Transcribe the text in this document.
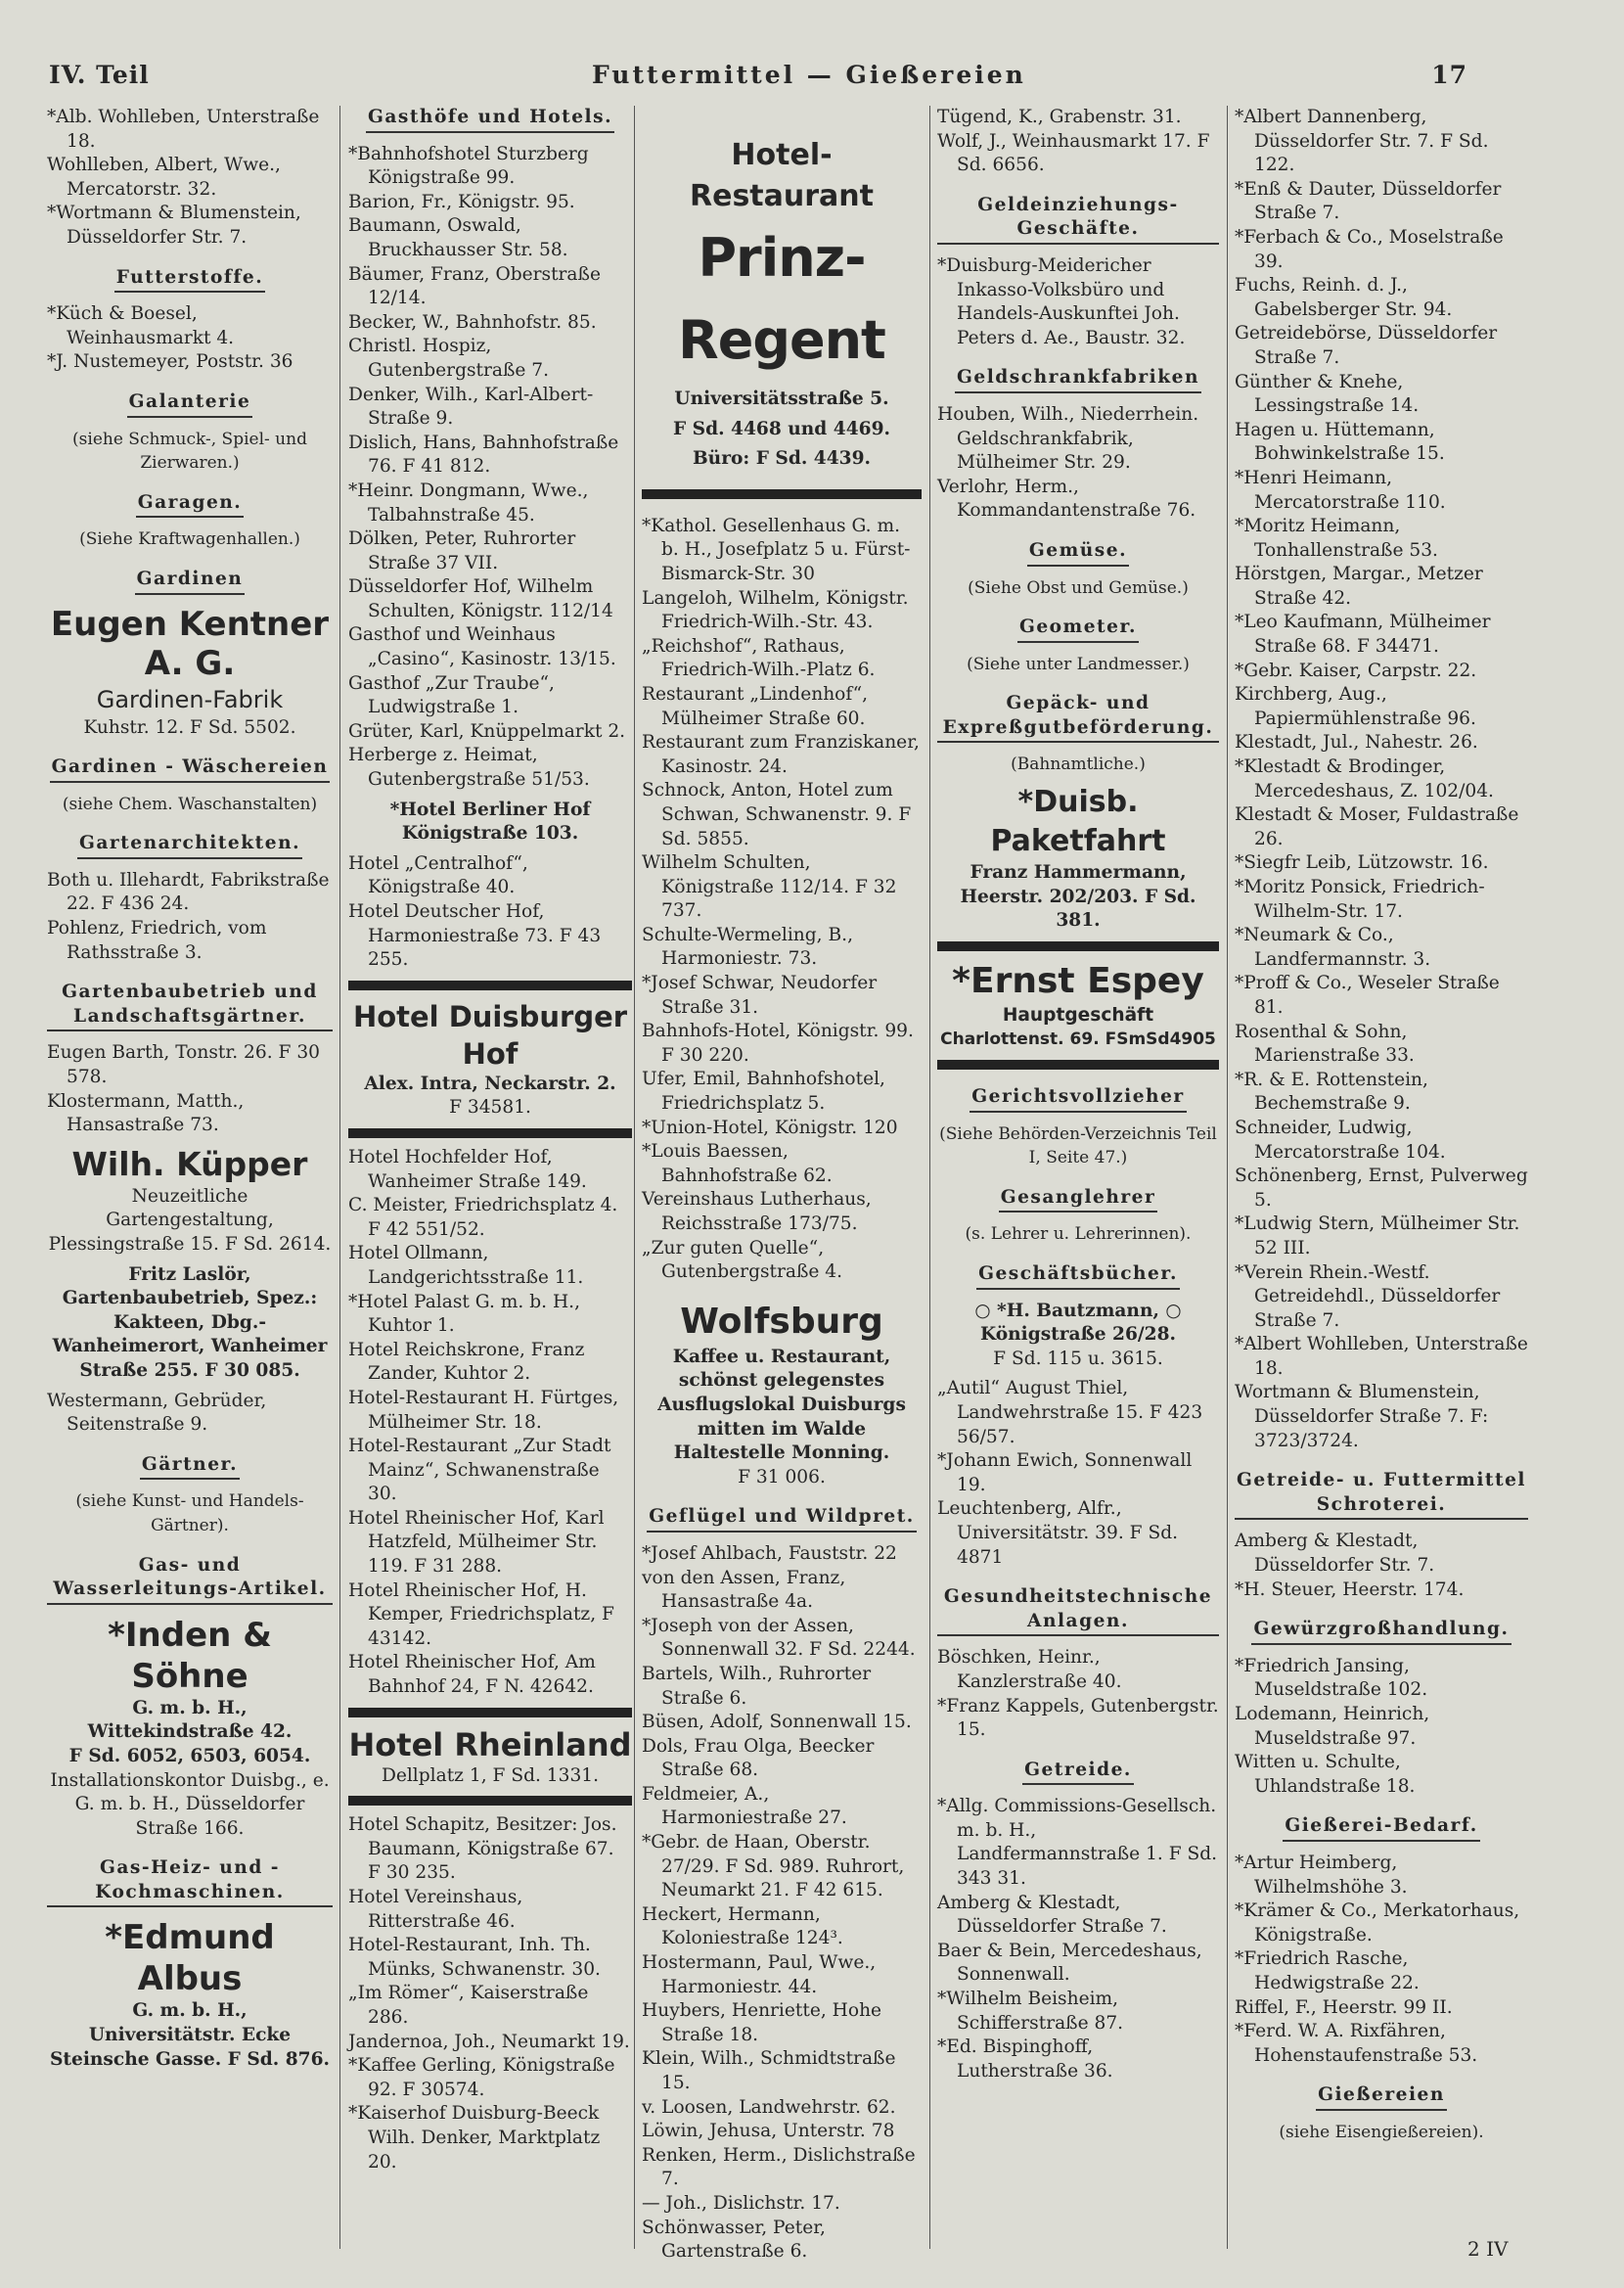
IV. Teil	Futtermittel — Gießereien	17

*Alb. Wohlleben, Unterstraße 18.

Wohlleben, Albert, Wwe., Mercatorstr. 32.

*Wortmann & Blumenstein, Düsseldorfer Str. 7.

Futterstoffe.

*Küch & Boesel, Weinhausmarkt 4.

*J. Nustemeyer, Poststr. 36

Galanterie
(siehe Schmuck-, Spiel- und Zierwaren.)
Garagen.
(Siehe Kraftwagenhallen.)
Gardinen
Eugen Kentner
A. G.
Gardinen-Fabrik
Kuhstr. 12. F Sd. 5502.
Gardinen - Wäschereien
(siehe Chem. Waschanstalten)
Gartenarchitekten.

Both u. Illehardt, Fabrikstraße 22. F 436 24.

Pohlenz, Friedrich, vom Rathsstraße 3.

Gartenbaubetrieb und Landschaftsgärtner.

Eugen Barth, Tonstr. 26. F 30 578.

Klostermann, Matth., Hansastraße 73.

Wilh. Küpper
Neuzeitliche Gartengestaltung, Plessingstraße 15. F Sd. 2614.
Fritz Laslör, Gartenbaubetrieb, Spez.: Kakteen, Dbg.-Wanheimerort, Wanheimer Straße 255. F 30 085.

Westermann, Gebrüder, Seitenstraße 9.

Gärtner.
(siehe Kunst- und Handels-Gärtner).
Gas- und Wasserleitungs-Artikel.
*Inden & Söhne
G. m. b. H.,
Wittekindstraße 42.
F Sd. 6052, 6503, 6054.
Installationskontor Duisbg., e. G. m. b. H., Düsseldorfer Straße 166.
Gas-Heiz- und -Kochmaschinen.
*Edmund Albus
G. m. b. H.,
Universitätstr. Ecke Steinsche Gasse. F Sd. 876.
Gasthöfe und Hotels.

*Bahnhofshotel Sturzberg Königstraße 99.

Barion, Fr., Königstr. 95.

Baumann, Oswald, Bruckhausser Str. 58.

Bäumer, Franz, Oberstraße 12/14.

Becker, W., Bahnhofstr. 85.

Christl. Hospiz, Gutenbergstraße 7.

Denker, Wilh., Karl-Albert-Straße 9.

Dislich, Hans, Bahnhofstraße 76. F 41 812.

*Heinr. Dongmann, Wwe., Talbahnstraße 45.

Dölken, Peter, Ruhrorter Straße 37 VII.

Düsseldorfer Hof, Wilhelm Schulten, Königstr. 112/14

Gasthof und Weinhaus „Casino“, Kasinostr. 13/15.

Gasthof „Zur Traube“, Ludwigstraße 1.

Grüter, Karl, Knüppelmarkt 2.

Herberge z. Heimat, Gutenbergstraße 51/53.

*Hotel Berliner Hof Königstraße 103.

Hotel „Centralhof“, Königstraße 40.

Hotel Deutscher Hof, Harmoniestraße 73. F 43 255.

Hotel Duisburger Hof
Alex. Intra, Neckarstr. 2.
F 34581.

Hotel Hochfelder Hof, Wanheimer Straße 149.

C. Meister, Friedrichsplatz 4. F 42 551/52.

Hotel Ollmann, Landgerichtsstraße 11.

*Hotel Palast G. m. b. H., Kuhtor 1.

Hotel Reichskrone, Franz Zander, Kuhtor 2.

Hotel-Restaurant H. Fürtges, Mülheimer Str. 18.

Hotel-Restaurant „Zur Stadt Mainz“, Schwanenstraße 30.

Hotel Rheinischer Hof, Karl Hatzfeld, Mülheimer Str. 119. F 31 288.

Hotel Rheinischer Hof, H. Kemper, Friedrichsplatz, F 43142.

Hotel Rheinischer Hof, Am Bahnhof 24, F N. 42642.

Hotel Rheinland
Dellplatz 1, F Sd. 1331.

Hotel Schapitz, Besitzer: Jos. Baumann, Königstraße 67. F 30 235.

Hotel Vereinshaus, Ritterstraße 46.

Hotel-Restaurant, Inh. Th. Münks, Schwanenstr. 30.

„Im Römer“, Kaiserstraße 286.

Jandernoa, Joh., Neumarkt 19.

*Kaffee Gerling, Königstraße 92. F 30574.

*Kaiserhof Duisburg-Beeck Wilh. Denker, Marktplatz 20.

Hotel-Restaurant
Prinz-Regent
Universitätsstraße 5.
F Sd. 4468 und 4469.
Büro: F Sd. 4439.

*Kathol. Gesellenhaus G. m. b. H., Josefplatz 5 u. Fürst-Bismarck-Str. 30

Langeloh, Wilhelm, Königstr. Friedrich-Wilh.-Str. 43.

„Reichshof“, Rathaus, Friedrich-Wilh.-Platz 6.

Restaurant „Lindenhof“, Mülheimer Straße 60.

Restaurant zum Franziskaner, Kasinostr. 24.

Schnock, Anton, Hotel zum Schwan, Schwanenstr. 9. F Sd. 5855.

Wilhelm Schulten, Königstraße 112/14. F 32 737.

Schulte-Wermeling, B., Harmoniestr. 73.

*Josef Schwar, Neudorfer Straße 31.

Bahnhofs-Hotel, Königstr. 99. F 30 220.

Ufer, Emil, Bahnhofshotel, Friedrichsplatz 5.

*Union-Hotel, Königstr. 120

*Louis Baessen, Bahnhofstraße 62.

Vereinshaus Lutherhaus, Reichsstraße 173/75.

„Zur guten Quelle“, Gutenbergstraße 4.

Wolfsburg
Kaffee u. Restaurant, schönst gelegenstes Ausflugslokal Duisburgs mitten im Walde Haltestelle Monning.
F 31 006.
Geflügel und Wildpret.

*Josef Ahlbach, Fauststr. 22

von den Assen, Franz, Hansastraße 4a.

*Joseph von der Assen, Sonnenwall 32. F Sd. 2244.

Bartels, Wilh., Ruhrorter Straße 6.

Büsen, Adolf, Sonnenwall 15.

Dols, Frau Olga, Beecker Straße 68.

Feldmeier, A., Harmoniestraße 27.

*Gebr. de Haan, Oberstr. 27/29. F Sd. 989. Ruhrort, Neumarkt 21. F 42 615.

Heckert, Hermann, Koloniestraße 124³.

Hostermann, Paul, Wwe., Harmoniestr. 44.

Huybers, Henriette, Hohe Straße 18.

Klein, Wilh., Schmidtstraße 15.

v. Loosen, Landwehrstr. 62.

Löwin, Jehusa, Unterstr. 78

Renken, Herm., Dislichstraße 7.

— Joh., Dislichstr. 17.

Schönwasser, Peter, Gartenstraße 6.

Tügend, K., Grabenstr. 31.

Wolf, J., Weinhausmarkt 17. F Sd. 6656.

Geldeinziehungs-Geschäfte.

*Duisburg-Meidericher Inkasso-Volksbüro und Handels-Auskunftei Joh. Peters d. Ae., Baustr. 32.

Geldschrankfabriken

Houben, Wilh., Niederrhein. Geldschrankfabrik, Mülheimer Str. 29.

Verlohr, Herm., Kommandantenstraße 76.

Gemüse.
(Siehe Obst und Gemüse.)
Geometer.
(Siehe unter Landmesser.)
Gepäck- und Expreßgutbeförderung.
(Bahnamtliche.)
*Duisb. Paketfahrt
Franz Hammermann,
Heerstr. 202/203. F Sd. 381.
*Ernst Espey
Hauptgeschäft
Charlottenst. 69. FSmSd4905
Gerichtsvollzieher
(Siehe Behörden-Verzeichnis Teil I, Seite 47.)
Gesanglehrer
(s. Lehrer u. Lehrerinnen).
Geschäftsbücher.
○ *H. Bautzmann, ○
Königstraße 26/28.
F Sd. 115 u. 3615.

„Autil“ August Thiel, Landwehrstraße 15. F 423 56/57.

*Johann Ewich, Sonnenwall 19.

Leuchtenberg, Alfr., Universitätstr. 39. F Sd. 4871

Gesundheitstechnische Anlagen.

Böschken, Heinr., Kanzlerstraße 40.

*Franz Kappels, Gutenbergstr. 15.

Getreide.

*Allg. Commissions-Gesellsch. m. b. H., Landfermannstraße 1. F Sd. 343 31.

Amberg & Klestadt, Düsseldorfer Straße 7.

Baer & Bein, Mercedeshaus, Sonnenwall.

*Wilhelm Beisheim, Schifferstraße 87.

*Ed. Bispinghoff, Lutherstraße 36.

*Albert Dannenberg, Düsseldorfer Str. 7. F Sd. 122.

*Enß & Dauter, Düsseldorfer Straße 7.

*Ferbach & Co., Moselstraße 39.

Fuchs, Reinh. d. J., Gabelsberger Str. 94.

Getreidebörse, Düsseldorfer Straße 7.

Günther & Knehe, Lessingstraße 14.

Hagen u. Hüttemann, Bohwinkelstraße 15.

*Henri Heimann, Mercatorstraße 110.

*Moritz Heimann, Tonhallenstraße 53.

Hörstgen, Margar., Metzer Straße 42.

*Leo Kaufmann, Mülheimer Straße 68. F 34471.

*Gebr. Kaiser, Carpstr. 22.

Kirchberg, Aug., Papiermühlenstraße 96.

Klestadt, Jul., Nahestr. 26.

*Klestadt & Brodinger, Mercedeshaus, Z. 102/04.

Klestadt & Moser, Fuldastraße 26.

*Siegfr Leib, Lützowstr. 16.

*Moritz Ponsick, Friedrich-Wilhelm-Str. 17.

*Neumark & Co., Landfermannstr. 3.

*Proff & Co., Weseler Straße 81.

Rosenthal & Sohn, Marienstraße 33.

*R. & E. Rottenstein, Bechemstraße 9.

Schneider, Ludwig, Mercatorstraße 104.

Schönenberg, Ernst, Pulverweg 5.

*Ludwig Stern, Mülheimer Str. 52 III.

*Verein Rhein.-Westf. Getreidehdl., Düsseldorfer Straße 7.

*Albert Wohlleben, Unterstraße 18.

Wortmann & Blumenstein, Düsseldorfer Straße 7. F: 3723/3724.

Getreide- u. Futtermittel Schroterei.

Amberg & Klestadt, Düsseldorfer Str. 7.

*H. Steuer, Heerstr. 174.

Gewürzgroßhandlung.

*Friedrich Jansing, Museldstraße 102.

Lodemann, Heinrich, Museldstraße 97.

Witten u. Schulte, Uhlandstraße 18.

Gießerei-Bedarf.

*Artur Heimberg, Wilhelmshöhe 3.

*Krämer & Co., Merkatorhaus, Königstraße.

*Friedrich Rasche, Hedwigstraße 22.

Riffel, F., Heerstr. 99 II.

*Ferd. W. A. Rixfähren, Hohenstaufenstraße 53.

Gießereien
(siehe Eisengießereien).
2 IV
